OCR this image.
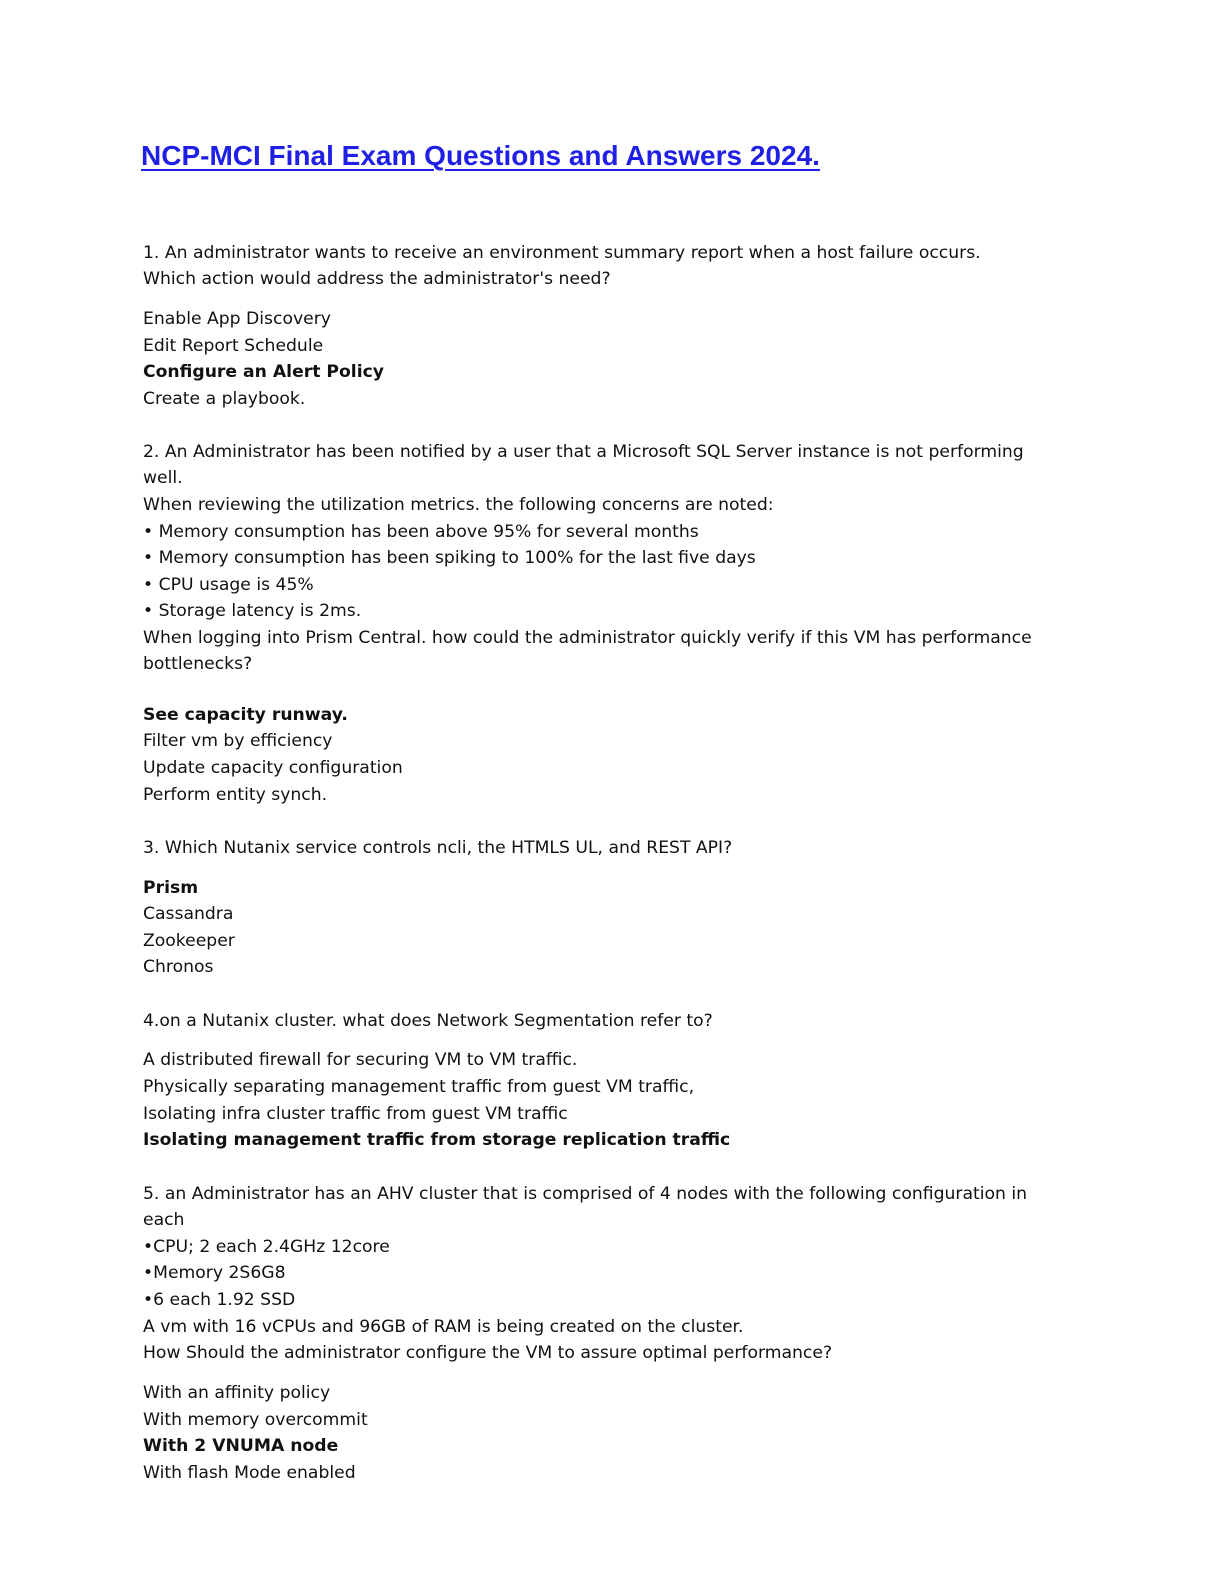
NCP-MCI Final Exam Questions and Answers 2024.

1. An administrator wants to receive an environment summary report when a host failure occurs.

Which action would address the administrator's need?

Enable App Discovery

Edit Report Schedule

Configure an Alert Policy

Create a playbook.

2. An Administrator has been notified by a user that a Microsoft SQL Server instance is not performing

well.

When reviewing the utilization metrics. the following concerns are noted:

• Memory consumption has been above 95% for several months

• Memory consumption has been spiking to 100% for the last five days

• CPU usage is 45%

• Storage latency is 2ms.

When logging into Prism Central. how could the administrator quickly verify if this VM has performance

bottlenecks?

See capacity runway.

Filter vm by efficiency

Update capacity configuration

Perform entity synch.

3. Which Nutanix service controls ncli, the HTMLS UL, and REST API?

Prism

Cassandra

Zookeeper

Chronos

4.on a Nutanix cluster. what does Network Segmentation refer to?

A distributed firewall for securing VM to VM traffic.

Physically separating management traffic from guest VM traffic,

Isolating infra cluster traffic from guest VM traffic

Isolating management traffic from storage replication traffic

5. an Administrator has an AHV cluster that is comprised of 4 nodes with the following configuration in

each

•CPU; 2 each 2.4GHz 12core

•Memory 2S6G8

•6 each 1.92 SSD

A vm with 16 vCPUs and 96GB of RAM is being created on the cluster.

How Should the administrator configure the VM to assure optimal performance?

With an affinity policy

With memory overcommit

With 2 VNUMA node

With flash Mode enabled
